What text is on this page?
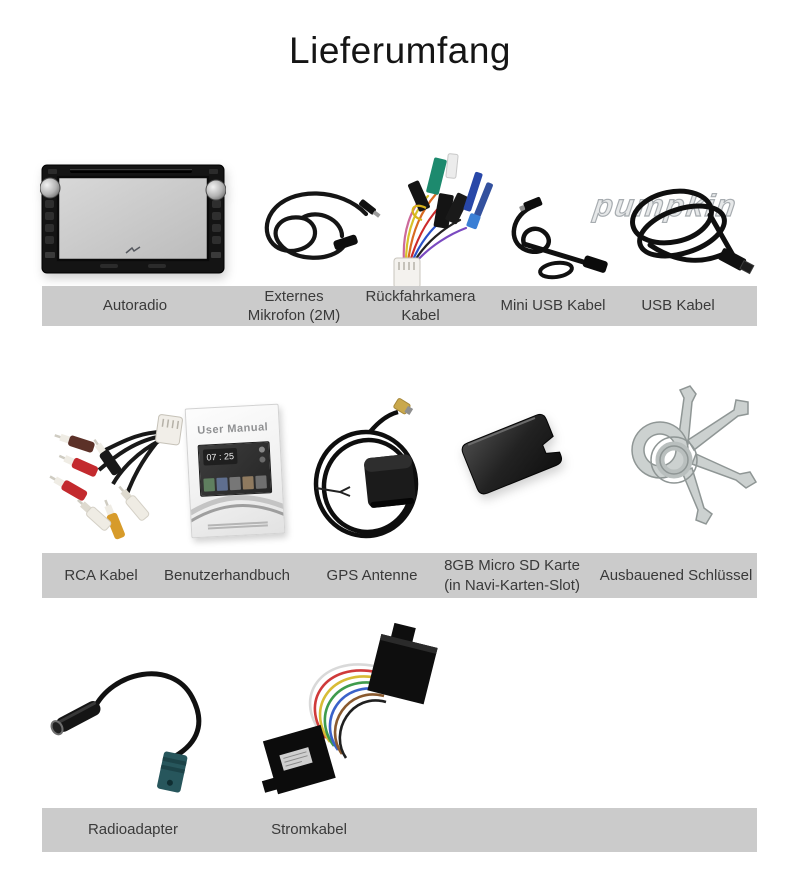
Lieferumfang
pumpkin
Autoradio
Externes
Mikrofon (2M)
Rückfahrkamera
Kabel
Mini USB Kabel	USB Kabel
User Manual
07 : 25
RCA Kabel	Benutzerhandbuch	GPS Antenne
8GB Micro SD Karte
(in Navi-Karten-Slot)
Ausbauened Schlüssel
Radioadapter	Stromkabel
